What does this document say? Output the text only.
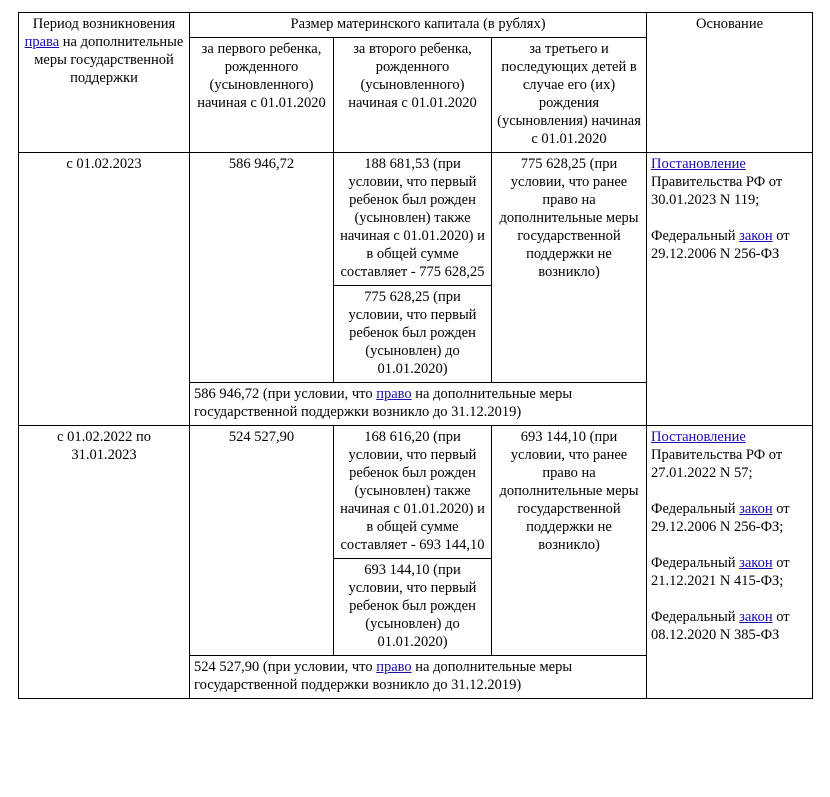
Период возникновения права на дополнительные меры государственной поддержки	Размер материнского капитала (в рублях)			Основание
	за первого ребенка, рожденного (усыновленного) начиная с 01.01.2020	за второго ребенка, рожденного (усыновленного) начиная с 01.01.2020	за третьего и последующих детей в случае его (их) рождения (усыновления) начиная с 01.01.2020	
с 01.02.2023	586 946,72	188 681,53 (при условии, что первый ребенок был рожден (усыновлен) также начиная с 01.01.2020) и в общей сумме составляет - 775 628,25	775 628,25 (при условии, что ранее право на дополнительные меры государственной поддержки не возникло)	Постановление Правительства РФ от 30.01.2023 N 119;

Федеральный закон от 29.12.2006 N 256-ФЗ

		775 628,25 (при условии, что первый ребенок был рожден (усыновлен) до 01.01.2020)		
	586 946,72 (при условии, что право на дополнительные меры государственной поддержки возникло до 31.12.2019)			
с 01.02.2022 по 31.01.2023	524 527,90	168 616,20 (при условии, что первый ребенок был рожден (усыновлен) также начиная с 01.01.2020) и в общей сумме составляет - 693 144,10	693 144,10 (при условии, что ранее право на дополнительные меры государственной поддержки не возникло)	Постановление Правительства РФ от 27.01.2022 N 57;

Федеральный закон от 29.12.2006 N 256-ФЗ;

Федеральный закон от 21.12.2021 N 415-ФЗ;

Федеральный закон от 08.12.2020 N 385-ФЗ

		693 144,10 (при условии, что первый ребенок был рожден (усыновлен) до 01.01.2020)		
	524 527,90 (при условии, что право на дополнительные меры государственной поддержки возникло до 31.12.2019)			
